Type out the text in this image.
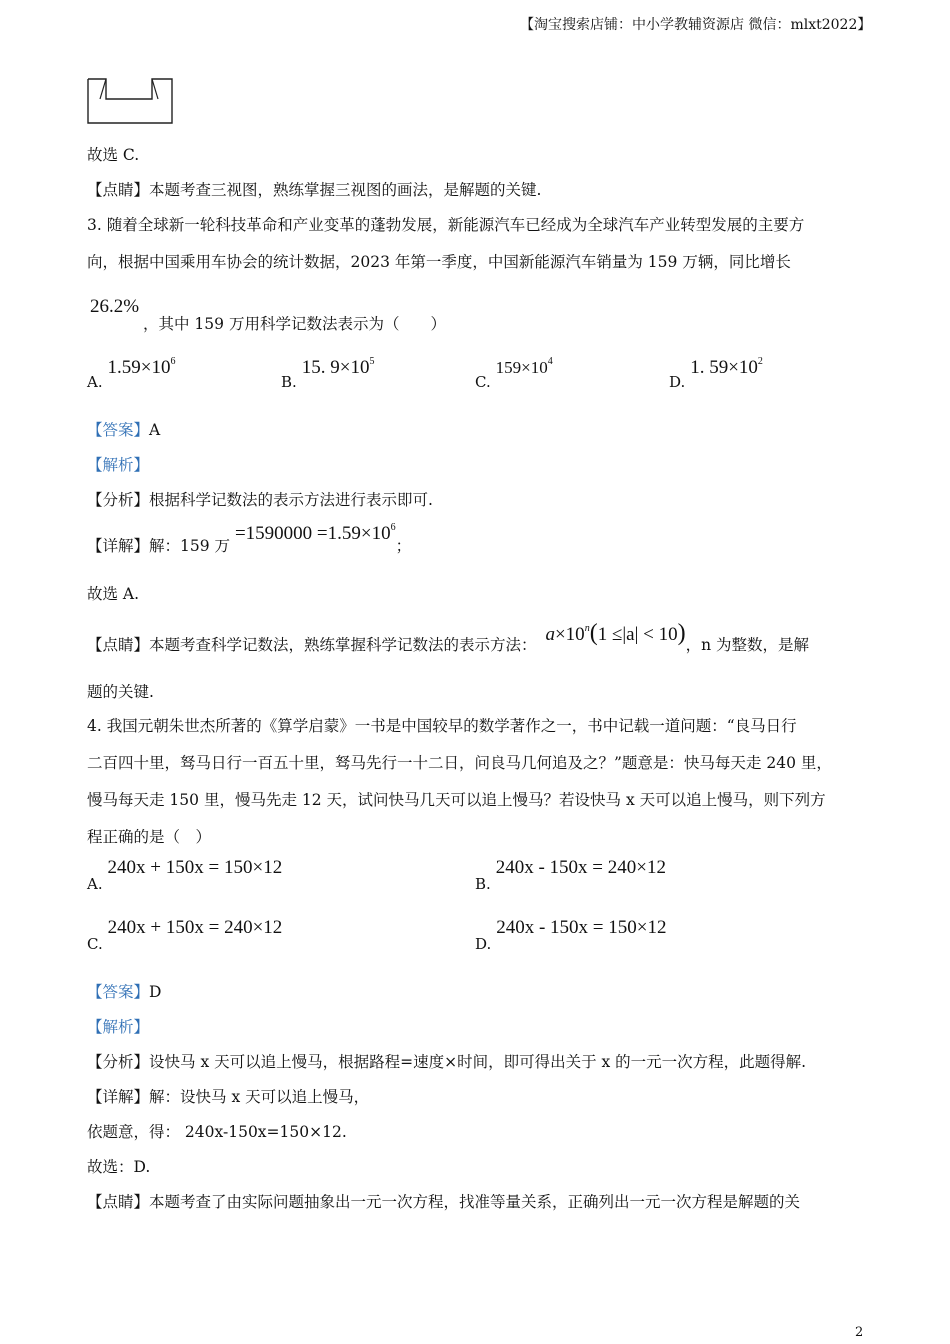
【淘宝搜索店铺：中小学教辅资源店 微信：mlxt2022】
故选 C.
【点睛】本题考查三视图，熟练掌握三视图的画法，是解题的关键.
3. 随着全球新一轮科技革命和产业变革的蓬勃发展，新能源汽车已经成为全球汽车产业转型发展的主要方
向，根据中国乘用车协会的统计数据，2023 年第一季度，中国新能源汽车销量为 159 万辆，同比增长
26.2%
，其中 159 万用科学记数法表示为（　　）
A. $1.59\times 10^6$
B. 15. $9\times 10^5$
C. $159\times 10^4$
D. 1. $59\times 10^2$
【答案】A
【解析】
【分析】根据科学记数法的表示方法进行表示即可.
【详解】解：159 万 $=1590000 =1.59\times 10^6$；
故选 A.
【点睛】本题考查科学记数法，熟练掌握科学记数法的表示方法： $a\times 10^n(1 \le|a| < 10)$，n 为整数，是解
题的关键.
4. 我国元朝朱世杰所著的《算学启蒙》一书是中国较早的数学著作之一，书中记载一道问题：“良马日行
二百四十里，驽马日行一百五十里，驽马先行一十二日，问良马几何追及之？”题意是：快马每天走 240 里，
慢马每天走 150 里，慢马先走 12 天，试问快马几天可以追上慢马？若设快马 x 天可以追上慢马，则下列方
程正确的是（　）
A. 240x + 150x = 150×12
B. 240x - 150x = 240×12
C. 240x + 150x = 240×12
D. 240x - 150x = 150×12
【答案】D
【解析】
【分析】设快马 x 天可以追上慢马，根据路程=速度×时间，即可得出关于 x 的一元一次方程，此题得解.
【详解】解：设快马 x 天可以追上慢马，
依题意，得： 240x-150x=150×12.
故选：D.
【点睛】本题考查了由实际问题抽象出一元一次方程，找准等量关系，正确列出一元一次方程是解题的关
2
